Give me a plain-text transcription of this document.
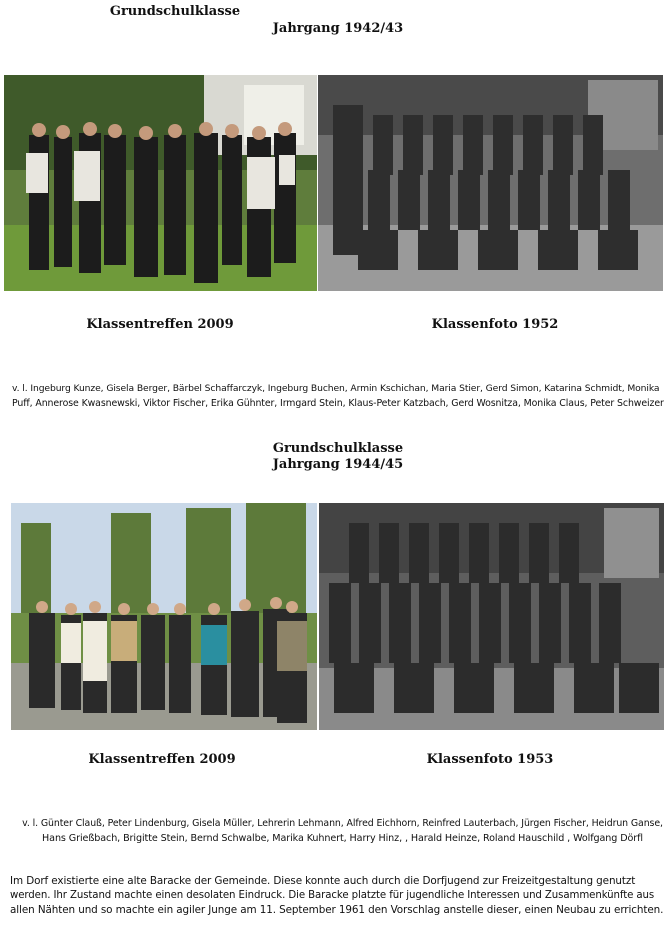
Grundschulklasse
Jahrgang 1942/43
Klassentreffen 2009	Klassenfoto 1952
v. l. Ingeburg Kunze, Gisela Berger, Bärbel Schaffarczyk, Ingeburg Buchen, Armin Kschichan, Maria Stier, Gerd Simon, Katarina Schmidt, Monika
Puff, Annerose Kwasnewski, Viktor Fischer, Erika Gühnter, Irmgard Stein, Klaus-Peter Katzbach, Gerd Wosnitza, Monika Claus, Peter Schweizer
Grundschulklasse
Jahrgang 1944/45
Klassentreffen 2009	Klassenfoto 1953
v. l. Günter Clauß, Peter Lindenburg, Gisela Müller, Lehrerin Lehmann, Alfred Eichhorn, Reinfred Lauterbach, Jürgen Fischer, Heidrun Ganse,
Hans Grießbach, Brigitte Stein, Bernd Schwalbe, Marika Kuhnert, Harry Hinz, , Harald Heinze, Roland Hauschild , Wolfgang Dörfl
Im Dorf existierte eine alte Baracke der Gemeinde. Diese konnte auch durch die Dorfjugend zur Freizeitgestaltung genutzt
werden. Ihr Zustand machte einen desolaten Eindruck. Die Baracke platzte für jugendliche Interessen und Zusammenkünfte aus
allen Nähten und so machte ein agiler Junge am 11. September 1961 den Vorschlag anstelle dieser, einen Neubau zu errichten.
